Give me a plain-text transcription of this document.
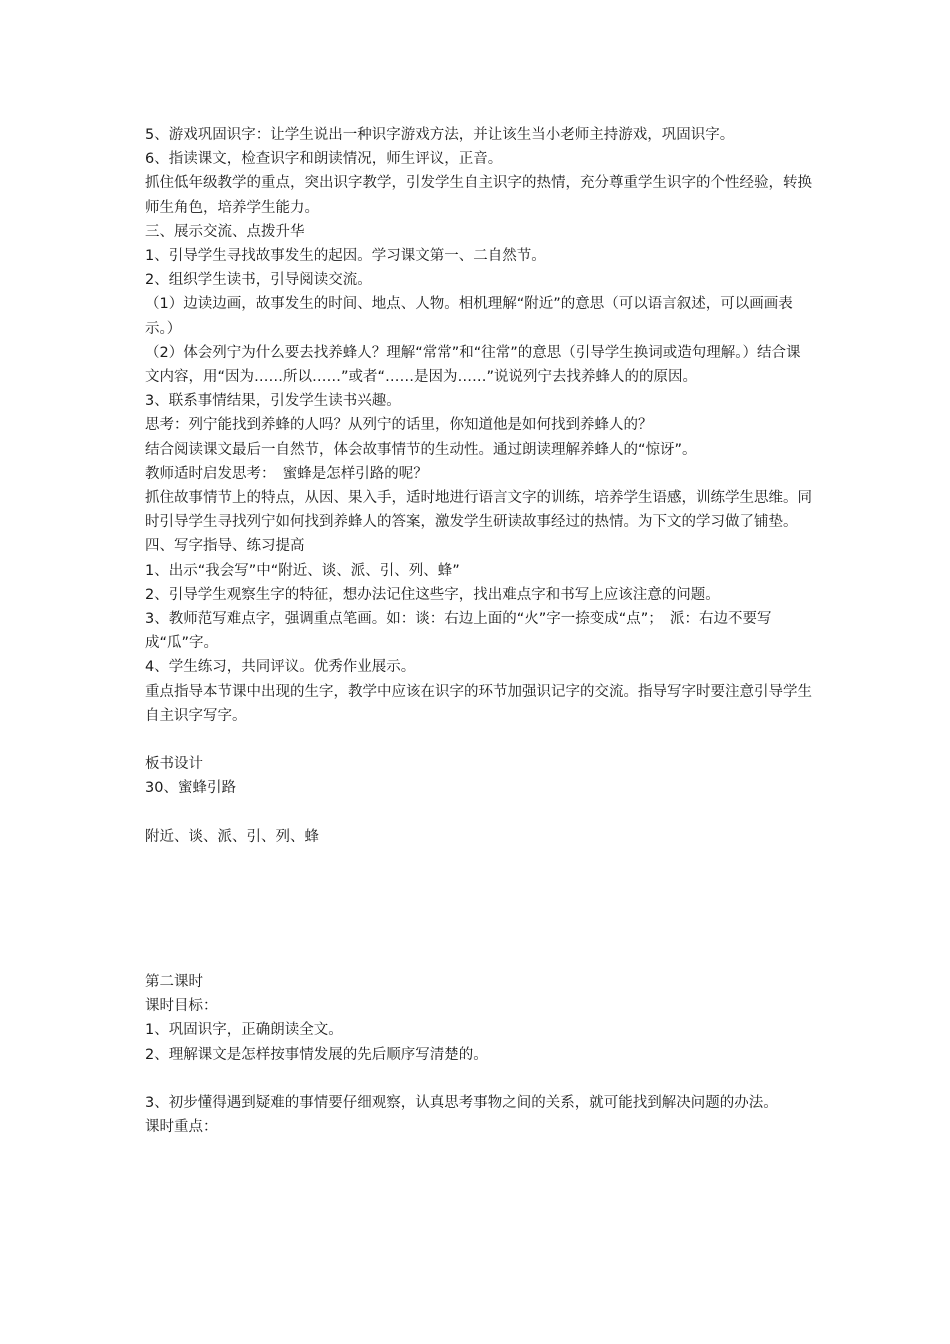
5、游戏巩固识字：让学生说出一种识字游戏方法，并让该生当小老师主持游戏，巩固识字。

6、指读课文，检查识字和朗读情况，师生评议，正音。

抓住低年级教学的重点，突出识字教学，引发学生自主识字的热情，充分尊重学生识字的个性经验，转换师生角色，培养学生能力。

三、展示交流、点拨升华

1、引导学生寻找故事发生的起因。学习课文第一、二自然节。

2、组织学生读书，引导阅读交流。

（1）边读边画，故事发生的时间、地点、人物。相机理解“附近”的意思（可以语言叙述，可以画画表示。）

（2）体会列宁为什么要去找养蜂人？理解“常常”和“往常”的意思（引导学生换词或造句理解。）结合课文内容，用“因为……所以……”或者“……是因为……”说说列宁去找养蜂人的的原因。

3、联系事情结果，引发学生读书兴趣。

思考：列宁能找到养蜂的人吗？从列宁的话里，你知道他是如何找到养蜂人的？

结合阅读课文最后一自然节，体会故事情节的生动性。通过朗读理解养蜂人的“惊讶”。

教师适时启发思考：　蜜蜂是怎样引路的呢？

抓住故事情节上的特点，从因、果入手，适时地进行语言文字的训练，培养学生语感，训练学生思维。同时引导学生寻找列宁如何找到养蜂人的答案，激发学生研读故事经过的热情。为下文的学习做了铺垫。

四、写字指导、练习提高

1、出示“我会写”中“附近、谈、派、引、列、蜂”

2、引导学生观察生字的特征，想办法记住这些字，找出难点字和书写上应该注意的问题。

3、教师范写难点字，强调重点笔画。如：谈：右边上面的“火”字一捺变成“点”；　派：右边不要写成“瓜”字。

4、学生练习，共同评议。优秀作业展示。

重点指导本节课中出现的生字，教学中应该在识字的环节加强识记字的交流。指导写字时要注意引导学生自主识字写字。

板书设计

30、蜜蜂引路

附近、谈、派、引、列、蜂

第二课时

课时目标：

1、巩固识字，正确朗读全文。

2、理解课文是怎样按事情发展的先后顺序写清楚的。

3、初步懂得遇到疑难的事情要仔细观察，认真思考事物之间的关系，就可能找到解决问题的办法。

课时重点：
